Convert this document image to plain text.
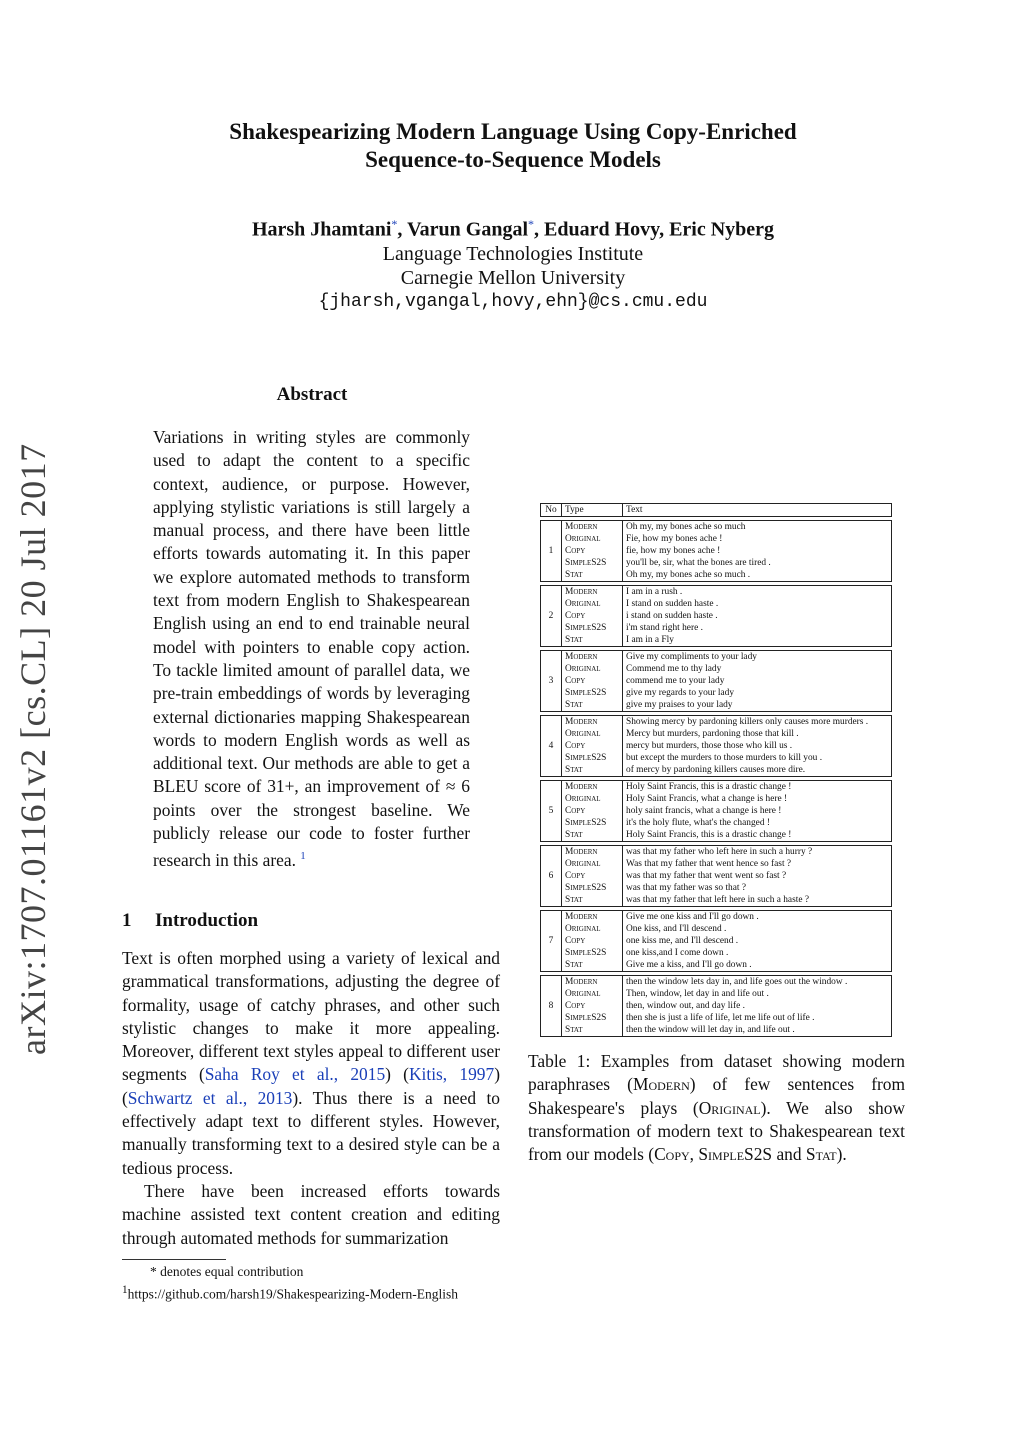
arXiv:1707.01161v2 [cs.CL] 20 Jul 2017
Shakespearizing Modern Language Using Copy-Enriched
Sequence-to-Sequence Models
Harsh Jhamtani*, Varun Gangal*, Eduard Hovy, Eric Nyberg
Language Technologies Institute
Carnegie Mellon University
{jharsh,vgangal,hovy,ehn}@cs.cmu.edu
Abstract
Variations in writing styles are commonly used to adapt the content to a specific context, audience, or purpose. However, applying stylistic variations is still largely a manual process, and there have been little efforts towards automating it. In this paper we explore automated methods to transform text from modern English to Shakespearean English using an end to end trainable neural model with pointers to enable copy action. To tackle limited amount of parallel data, we pre-train embeddings of words by leveraging external dictionaries mapping Shakespearean words to modern English words as well as additional text. Our methods are able to get a BLEU score of 31+, an improvement of ≈ 6 points over the strongest baseline. We publicly release our code to foster further research in this area. $^1$
1 Introduction

Text is often morphed using a variety of lexical and grammatical transformations, adjusting the degree of formality, usage of catchy phrases, and other such stylistic changes to make it more appealing. Moreover, different text styles appeal to different user segments (Saha Roy et al., 2015) (Kitis, 1997) (Schwartz et al., 2013). Thus there is a need to effectively adapt text to different styles. However, manually transforming text to a desired style can be a tedious process.

There have been increased efforts towards machine assisted text content creation and editing through automated methods for summarization

* denotes equal contribution
$^1$https://github.com/harsh19/Shakespearizing-Modern-English
No Type	Text
1
Modern	Oh my, my bones ache so much
Original	Fie, how my bones ache !
Copy	fie, how my bones ache !
SimpleS2S	you'll be, sir, what the bones are tired .
Stat	Oh my, my bones ache so much .
2
Modern	I am in a rush .
Original	I stand on sudden haste .
Copy	i stand on sudden haste .
SimpleS2S	i'm stand right here .
Stat	I am in a Fly
3
Modern	Give my compliments to your lady
Original	Commend me to thy lady
Copy	commend me to your lady
SimpleS2S	give my regards to your lady
Stat	give my praises to your lady
4
Modern	Showing mercy by pardoning killers only causes more murders .
Original	Mercy but murders, pardoning those that kill .
Copy	mercy but murders, those those who kill us .
SimpleS2S	but except the murders to those murders to kill you .
Stat	of mercy by pardoning killers causes more dire.
5
Modern	Holy Saint Francis, this is a drastic change !
Original	Holy Saint Francis, what a change is here !
Copy	holy saint francis, what a change is here !
SimpleS2S	it's the holy flute, what's the changed !
Stat	Holy Saint Francis, this is a drastic change !
6
Modern	was that my father who left here in such a hurry ?
Original	Was that my father that went hence so fast ?
Copy	was that my father that went went so fast ?
SimpleS2S	was that my father was so that ?
Stat	was that my father that left here in such a haste ?
7
Modern	Give me one kiss and I'll go down .
Original	One kiss, and I'll descend .
Copy	one kiss me, and I'll descend .
SimpleS2S	one kiss,and I come down .
Stat	Give me a kiss, and I'll go down .
8
Modern	then the window lets day in, and life goes out the window .
Original	Then, window, let day in and life out .
Copy	then, window out, and day life .
SimpleS2S	then she is just a life of life, let me life out of life .
Stat	then the window will let day in, and life out .
Table 1: Examples from dataset showing modern paraphrases (Modern) of few sentences from Shakespeare's plays (Original). We also show transformation of modern text to Shakespearean text from our models (Copy, SimpleS2S and Stat).
